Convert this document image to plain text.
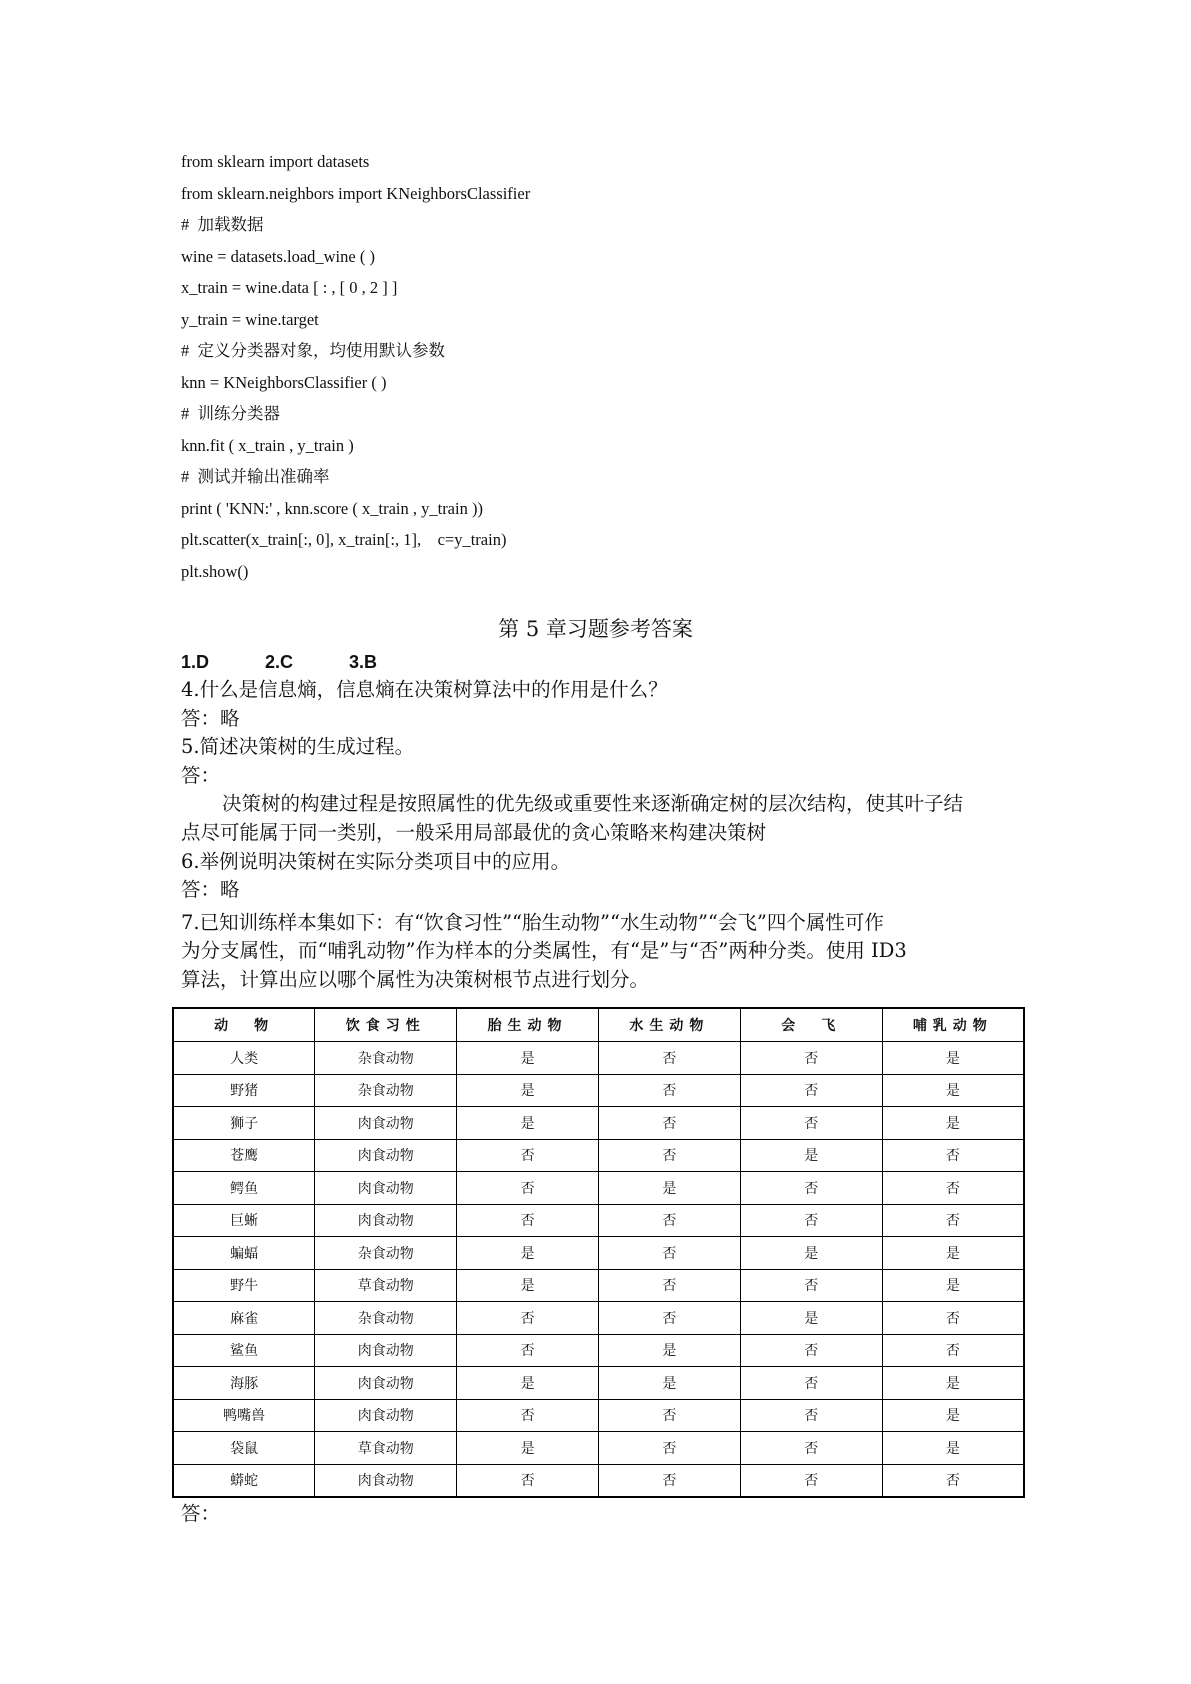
from sklearn import datasets
from sklearn.neighbors import KNeighborsClassifier
#  加载数据
wine = datasets.load_wine ( )
x_train = wine.data [ : , [ 0 , 2 ] ]
y_train = wine.target
#  定义分类器对象，均使用默认参数
knn = KNeighborsClassifier ( )
#  训练分类器
knn.fit ( x_train , y_train )
#  测试并输出准确率
print ( 'KNN:' , knn.score ( x_train , y_train ))
plt.scatter(x_train[:, 0], x_train[:, 1],    c=y_train)
plt.show()
第 5 章习题参考答案
1.D	2.C	3.B
4.什么是信息熵，信息熵在决策树算法中的作用是什么？
答：略
5.简述决策树的生成过程。
答：
决策树的构建过程是按照属性的优先级或重要性来逐渐确定树的层次结构，使其叶子结
点尽可能属于同一类别，一般采用局部最优的贪心策略来构建决策树
6.举例说明决策树在实际分类项目中的应用。
答：略
7.已知训练样本集如下：有“饮食习性”“胎生动物”“水生动物”“会飞”四个属性可作
为分支属性，而“哺乳动物”作为样本的分类属性，有“是”与“否”两种分类。使用 ID3
算法，计算出应以哪个属性为决策树根节点进行划分。
动　物	饮食习性	胎生动物	水生动物	会　飞	哺乳动物
人类	杂食动物	是	否	否	是
野猪	杂食动物	是	否	否	是
狮子	肉食动物	是	否	否	是
苍鹰	肉食动物	否	否	是	否
鳄鱼	肉食动物	否	是	否	否
巨蜥	肉食动物	否	否	否	否
蝙蝠	杂食动物	是	否	是	是
野牛	草食动物	是	否	否	是
麻雀	杂食动物	否	否	是	否
鲨鱼	肉食动物	否	是	否	否
海豚	肉食动物	是	是	否	是
鸭嘴兽	肉食动物	否	否	否	是
袋鼠	草食动物	是	否	否	是
蟒蛇	肉食动物	否	否	否	否
答：
